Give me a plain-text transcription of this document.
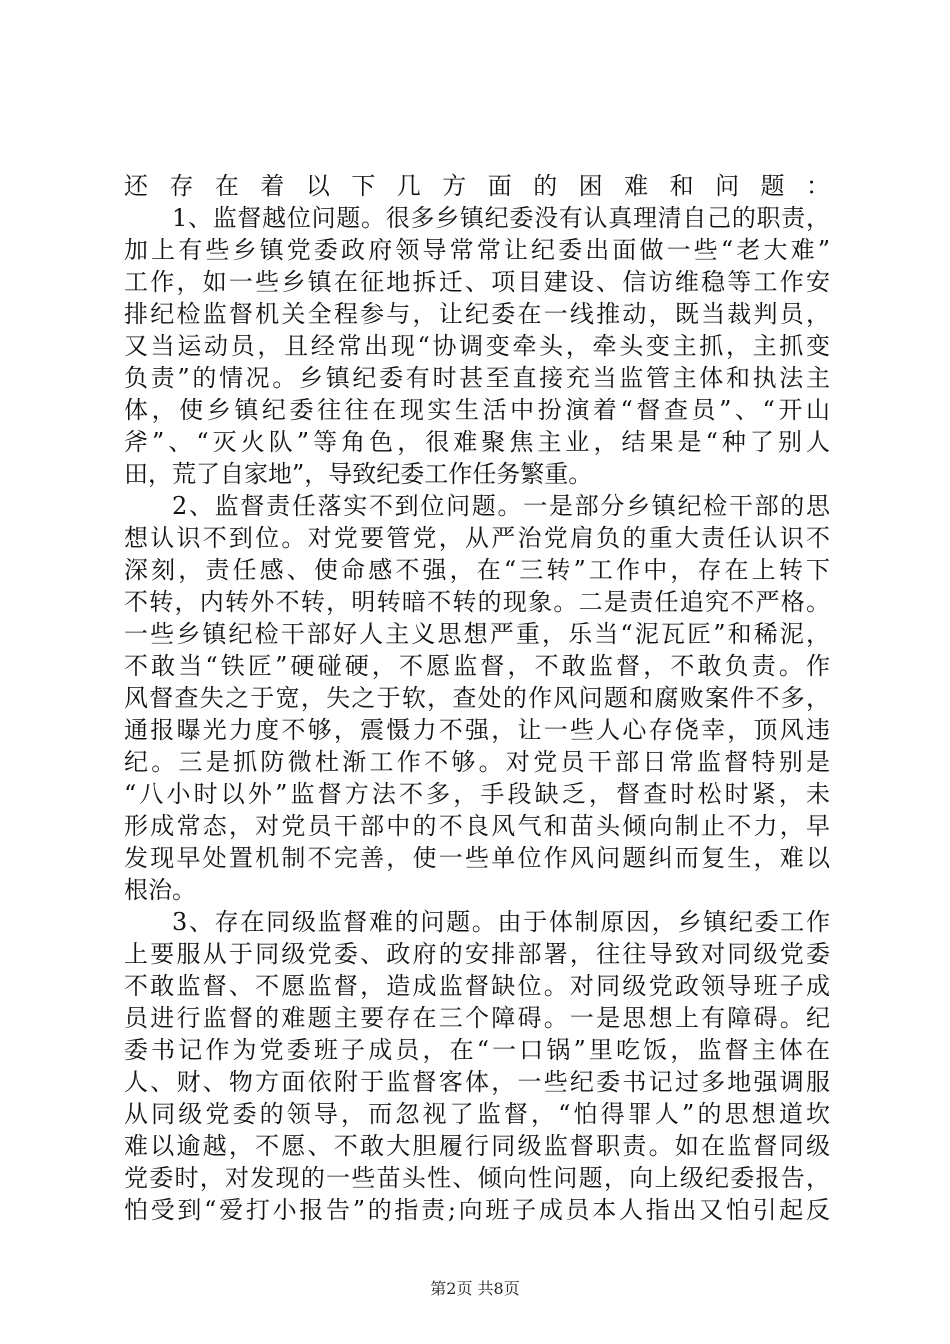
还存在着以下几方面的困难和问题：
1、监督越位问题。很多乡镇纪委没有认真理清自己的职责，
加上有些乡镇党委政府领导常常让纪委出面做一些“老大难”
工作，如一些乡镇在征地拆迁、项目建设、信访维稳等工作安
排纪检监督机关全程参与，让纪委在一线推动，既当裁判员，
又当运动员，且经常出现“协调变牵头，牵头变主抓，主抓变
负责”的情况。乡镇纪委有时甚至直接充当监管主体和执法主
体，使乡镇纪委往往在现实生活中扮演着“督查员”、“开山
斧”、“灭火队”等角色，很难聚焦主业，结果是“种了别人
田，荒了自家地”，导致纪委工作任务繁重。
2、监督责任落实不到位问题。一是部分乡镇纪检干部的思
想认识不到位。对党要管党，从严治党肩负的重大责任认识不
深刻，责任感、使命感不强，在“三转”工作中，存在上转下
不转，内转外不转，明转暗不转的现象。二是责任追究不严格。
一些乡镇纪检干部好人主义思想严重，乐当“泥瓦匠”和稀泥，
不敢当“铁匠”硬碰硬，不愿监督，不敢监督，不敢负责。作
风督查失之于宽，失之于软，查处的作风问题和腐败案件不多，
通报曝光力度不够，震慑力不强，让一些人心存侥幸，顶风违
纪。三是抓防微杜渐工作不够。对党员干部日常监督特别是
“八小时以外”监督方法不多，手段缺乏，督查时松时紧，未
形成常态，对党员干部中的不良风气和苗头倾向制止不力，早
发现早处置机制不完善，使一些单位作风问题纠而复生，难以
根治。
3、存在同级监督难的问题。由于体制原因，乡镇纪委工作
上要服从于同级党委、政府的安排部署，往往导致对同级党委
不敢监督、不愿监督，造成监督缺位。对同级党政领导班子成
员进行监督的难题主要存在三个障碍。一是思想上有障碍。纪
委书记作为党委班子成员，在“一口锅”里吃饭，监督主体在
人、财、物方面依附于监督客体，一些纪委书记过多地强调服
从同级党委的领导，而忽视了监督，“怕得罪人”的思想道坎
难以逾越，不愿、不敢大胆履行同级监督职责。如在监督同级
党委时，对发现的一些苗头性、倾向性问题，向上级纪委报告，
怕受到“爱打小报告”的指责;向班子成员本人指出又怕引起反
第2页 共8页
